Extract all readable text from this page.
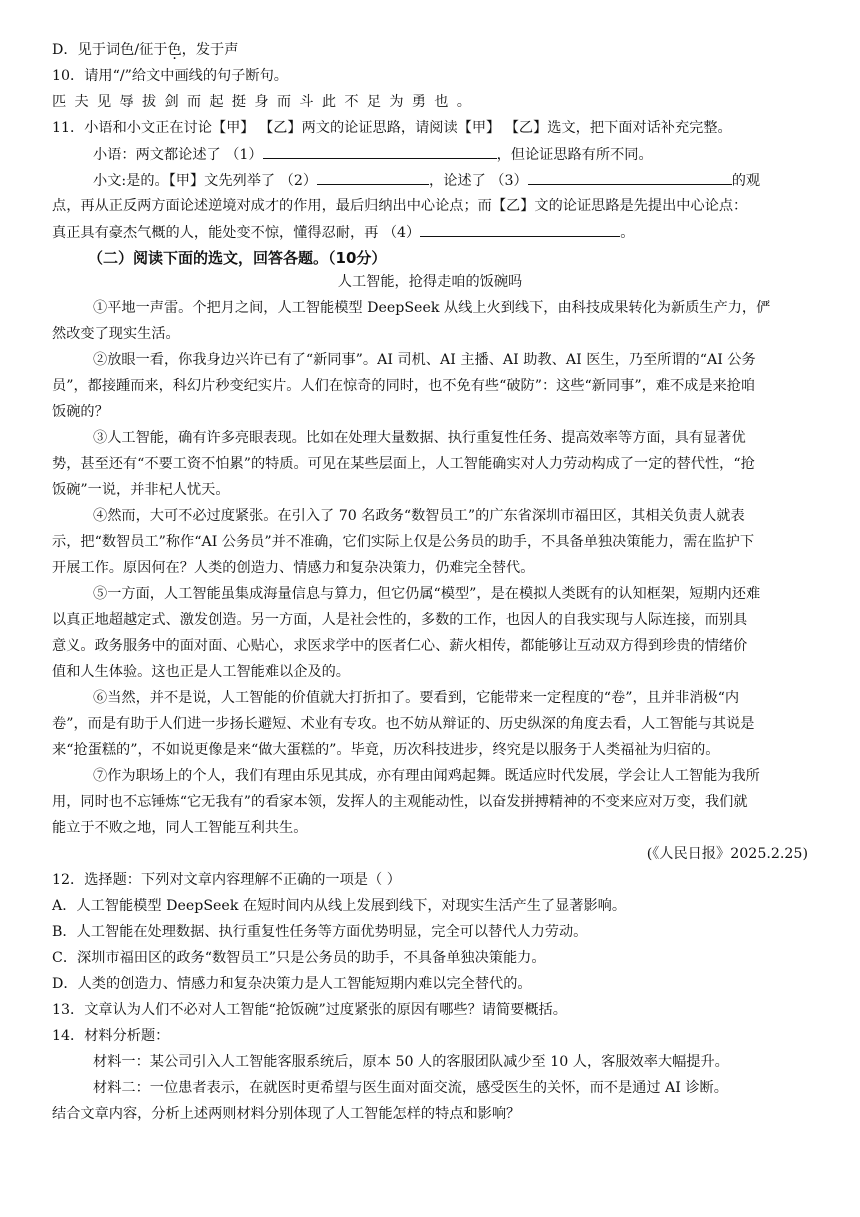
D．见于词色/征于色，发于声
10．请用“/”给文中画线的句子断句。
匹夫见辱拔剑而起挺身而斗此不足为勇也。
11．小语和小文正在讨论【甲】 【乙】两文的论证思路，请阅读【甲】 【乙】选文，把下面对话补充完整。
小语：两文都论述了 （1）	，但论证思路有所不同。
小文:是的。【甲】文先列举了 （2）	，论述了 （3）	的观
点，再从正反两方面论述逆境对成才的作用，最后归纳出中心论点；而【乙】文的论证思路是先提出中心论点：
真正具有豪杰气概的人，能处变不惊，懂得忍耐，再 （4）	。
（二）阅读下面的选文，回答各题。（10分）
人工智能，抢得走咱的饭碗吗
①平地一声雷。个把月之间，人工智能模型 DeepSeek 从线上火到线下，由科技成果转化为新质生产力，俨
然改变了现实生活。
②放眼一看，你我身边兴许已有了“新同事”。AI 司机、AI 主播、AI 助教、AI 医生，乃至所谓的“AI 公务
员”，都接踵而来，科幻片秒变纪实片。人们在惊奇的同时，也不免有些“破防”：这些“新同事”，难不成是来抢咱
饭碗的？
③人工智能，确有许多亮眼表现。比如在处理大量数据、执行重复性任务、提高效率等方面，具有显著优
势，甚至还有“不要工资不怕累”的特质。可见在某些层面上，人工智能确实对人力劳动构成了一定的替代性，“抢
饭碗”一说，并非杞人忧天。
④然而，大可不必过度紧张。在引入了 70 名政务“数智员工”的广东省深圳市福田区，其相关负责人就表
示，把“数智员工”称作“AI 公务员”并不准确，它们实际上仅是公务员的助手，不具备单独决策能力，需在监护下
开展工作。原因何在？人类的创造力、情感力和复杂决策力，仍难完全替代。
⑤一方面，人工智能虽集成海量信息与算力，但它仍属“模型”，是在模拟人类既有的认知框架，短期内还难
以真正地超越定式、激发创造。另一方面，人是社会性的，多数的工作，也因人的自我实现与人际连接，而别具
意义。政务服务中的面对面、心贴心，求医求学中的医者仁心、薪火相传，都能够让互动双方得到珍贵的情绪价
值和人生体验。这也正是人工智能难以企及的。
⑥当然，并不是说，人工智能的价值就大打折扣了。要看到，它能带来一定程度的“卷”，且并非消极“内
卷”，而是有助于人们进一步扬长避短、术业有专攻。也不妨从辩证的、历史纵深的角度去看，人工智能与其说是
来“抢蛋糕的”，不如说更像是来“做大蛋糕的”。毕竟，历次科技进步，终究是以服务于人类福祉为归宿的。
⑦作为职场上的个人，我们有理由乐见其成，亦有理由闻鸡起舞。既适应时代发展，学会让人工智能为我所
用，同时也不忘锤炼“它无我有”的看家本领，发挥人的主观能动性，以奋发拼搏精神的不变来应对万变，我们就
能立于不败之地，同人工智能互利共生。
(《人民日报》2025.2.25)
12．选择题：下列对文章内容理解不正确的一项是（ ）
A．人工智能模型 DeepSeek 在短时间内从线上发展到线下，对现实生活产生了显著影响。
B．人工智能在处理数据、执行重复性任务等方面优势明显，完全可以替代人力劳动。
C．深圳市福田区的政务“数智员工”只是公务员的助手，不具备单独决策能力。
D．人类的创造力、情感力和复杂决策力是人工智能短期内难以完全替代的。
13．文章认为人们不必对人工智能“抢饭碗”过度紧张的原因有哪些？请简要概括。
14．材料分析题：
材料一：某公司引入人工智能客服系统后，原本 50 人的客服团队减少至 10 人，客服效率大幅提升。
材料二：一位患者表示，在就医时更希望与医生面对面交流，感受医生的关怀，而不是通过 AI 诊断。
结合文章内容，分析上述两则材料分别体现了人工智能怎样的特点和影响？
